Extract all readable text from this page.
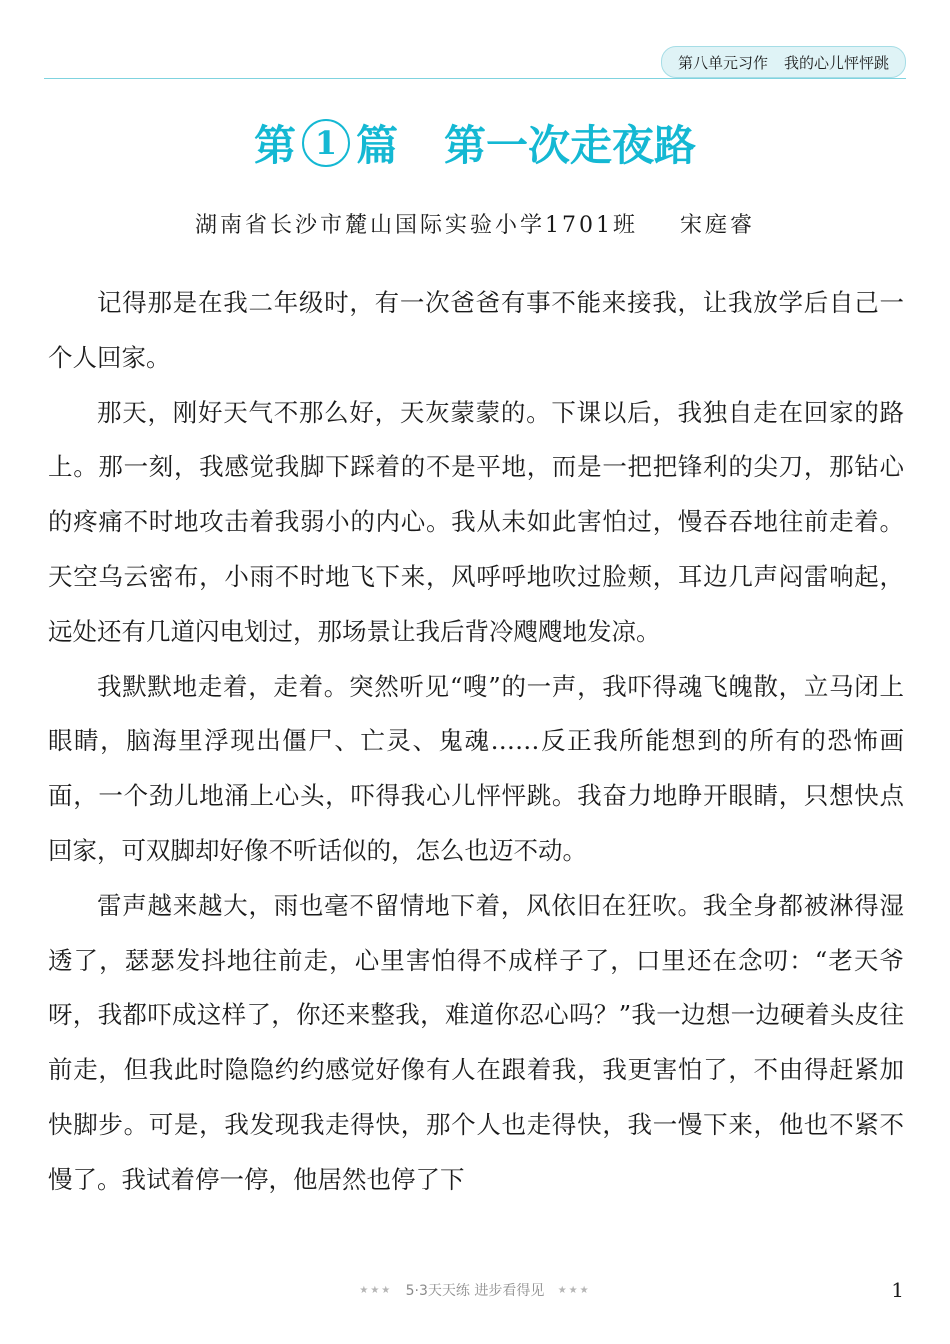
第八单元习作 我的心儿怦怦跳
第 1 篇 第一次走夜路
湖南省长沙市麓山国际实验小学1701班 宋庭睿

记得那是在我二年级时，有一次爸爸有事不能来接我，让我放学后自己一个人回家。

那天，刚好天气不那么好，天灰蒙蒙的。下课以后，我独自走在回家的路上。那一刻，我感觉我脚下踩着的不是平地，而是一把把锋利的尖刀，那钻心的疼痛不时地攻击着我弱小的内心。我从未如此害怕过，慢吞吞地往前走着。天空乌云密布，小雨不时地飞下来，风呼呼地吹过脸颊，耳边几声闷雷响起，远处还有几道闪电划过，那场景让我后背冷飕飕地发凉。

我默默地走着，走着。突然听见“嗖”的一声，我吓得魂飞魄散，立马闭上眼睛，脑海里浮现出僵尸、亡灵、鬼魂……反正我所能想到的所有的恐怖画面，一个劲儿地涌上心头，吓得我心儿怦怦跳。我奋力地睁开眼睛，只想快点回家，可双脚却好像不听话似的，怎么也迈不动。

雷声越来越大，雨也毫不留情地下着，风依旧在狂吹。我全身都被淋得湿透了，瑟瑟发抖地往前走，心里害怕得不成样子了，口里还在念叨：“老天爷呀，我都吓成这样了，你还来整我，难道你忍心吗？”我一边想一边硬着头皮往前走，但我此时隐隐约约感觉好像有人在跟着我，我更害怕了，不由得赶紧加快脚步。可是，我发现我走得快，那个人也走得快，我一慢下来，他也不紧不慢了。我试着停一停，他居然也停了下

★★★ 5·3天天练 进步看得见 ★★★	1
